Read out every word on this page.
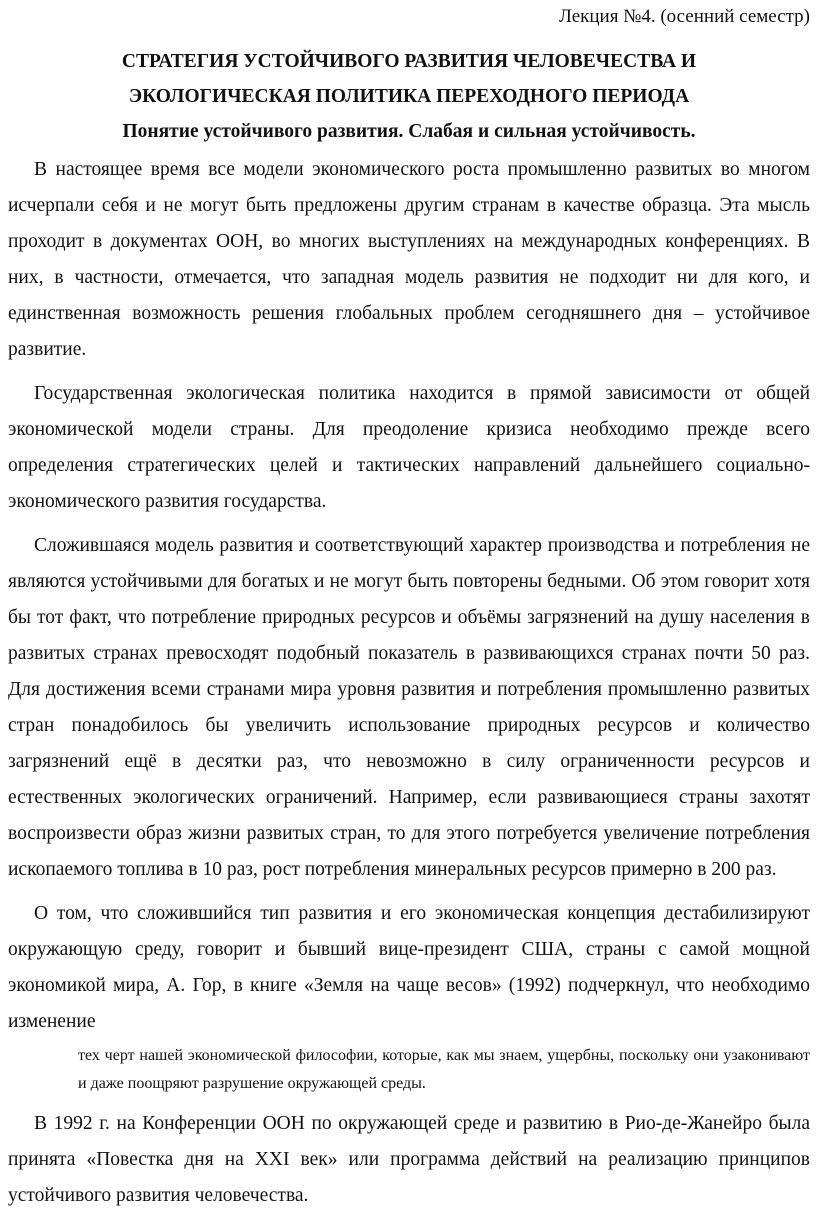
Лекция №4. (осенний семестр)
СТРАТЕГИЯ УСТОЙЧИВОГО РАЗВИТИЯ ЧЕЛОВЕЧЕСТВА И
ЭКОЛОГИЧЕСКАЯ ПОЛИТИКА ПЕРЕХОДНОГО ПЕРИОДА
Понятие устойчивого развития. Слабая и сильная устойчивость.

В настоящее время все модели экономического роста промышленно развитых во многом исчерпали себя и не могут быть предложены другим странам в качестве образца. Эта мысль проходит в документах ООН, во многих выступлениях на международных конференциях. В них, в частности, отмечается, что западная модель развития не подходит ни для кого, и единственная возможность решения глобальных проблем сегодняшнего дня – устойчивое развитие.

Государственная экологическая политика находится в прямой зависимости от общей экономической модели страны. Для преодоление кризиса необходимо прежде всего определения стратегических целей и тактических направлений дальнейшего социально-экономического развития государства.

Сложившаяся модель развития и соответствующий характер производства и потребления не являются устойчивыми для богатых и не могут быть повторены бедными. Об этом говорит хотя бы тот факт, что потребление природных ресурсов и объёмы загрязнений на душу населения в развитых странах превосходят подобный показатель в развивающихся странах почти 50 раз. Для достижения всеми странами мира уровня развития и потребления промышленно развитых стран понадобилось бы увеличить использование природных ресурсов и количество загрязнений ещё в десятки раз, что невозможно в силу ограниченности ресурсов и естественных экологических ограничений. Например, если развивающиеся страны захотят воспроизвести образ жизни развитых стран, то для этого потребуется увеличение потребления ископаемого топлива в 10 раз, рост потребления минеральных ресурсов примерно в 200 раз.

О том, что сложившийся тип развития и его экономическая концепция дестабилизируют окружающую среду, говорит и бывший вице-президент США, страны с самой мощной экономикой мира, А. Гор, в книге «Земля на чаще весов» (1992) подчеркнул, что необходимо изменение

тех черт нашей экономической философии, которые, как мы знаем, ущербны, поскольку они узаконивают и даже поощряют разрушение окружающей среды.

В 1992 г. на Конференции ООН по окружающей среде и развитию в Рио-де-Жанейро была принята «Повестка дня на XXI век» или программа действий на реализацию принципов устойчивого развития человечества.
